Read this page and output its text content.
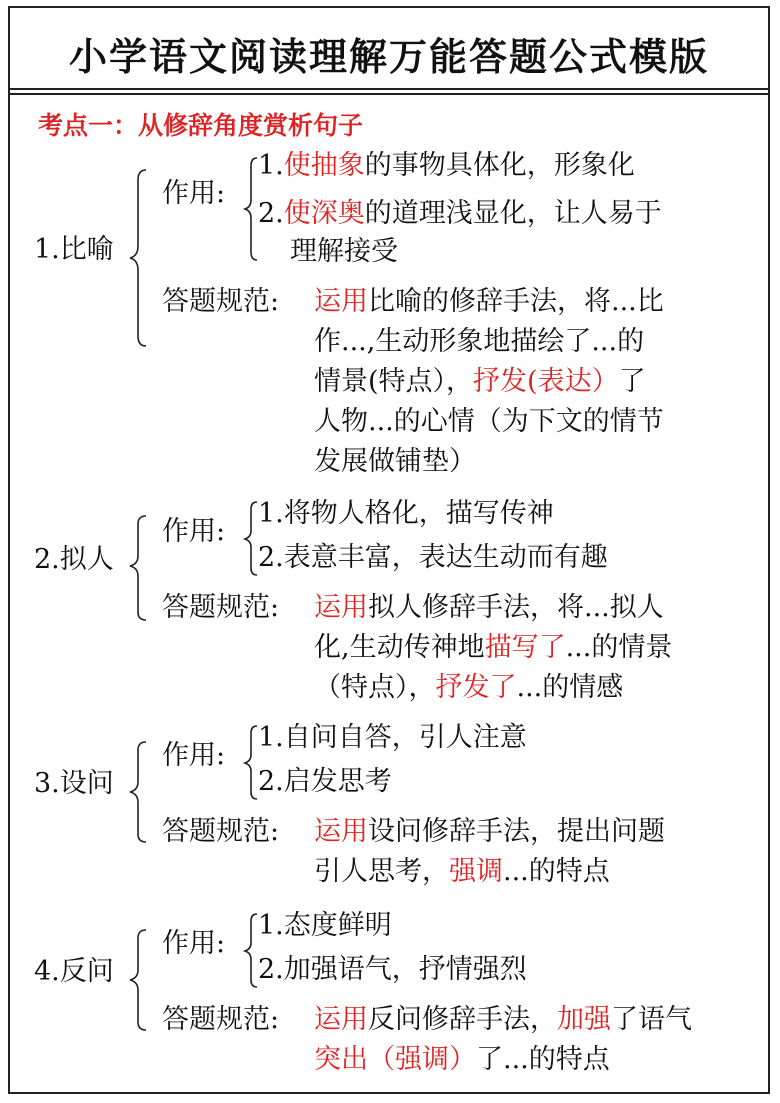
小学语文阅读理解万能答题公式模版
考点一：从修辞角度赏析句子
1.比喻
作用:
1.使抽象的事物具体化，形象化
2.使深奥的道理浅显化，让人易于
理解接受
答题规范: 运用比喻的修辞手法，将...比
作...,生动形象地描绘了...的
情景(特点），抒发(表达）了
人物...的心情（为下文的情节
发展做铺垫）
2.拟人
作用:
1.将物人格化，描写传神
2.表意丰富，表达生动而有趣
答题规范: 运用拟人修辞手法，将...拟人
化,生动传神地描写了...的情景
（特点），抒发了...的情感
3.设问
作用:
1.自问自答，引人注意
2.启发思考
答题规范: 运用设问修辞手法，提出问题
引人思考，强调...的特点
4.反问
作用:
1.态度鲜明
2.加强语气，抒情强烈
答题规范: 运用反问修辞手法，加强了语气
突出（强调）了...的特点
